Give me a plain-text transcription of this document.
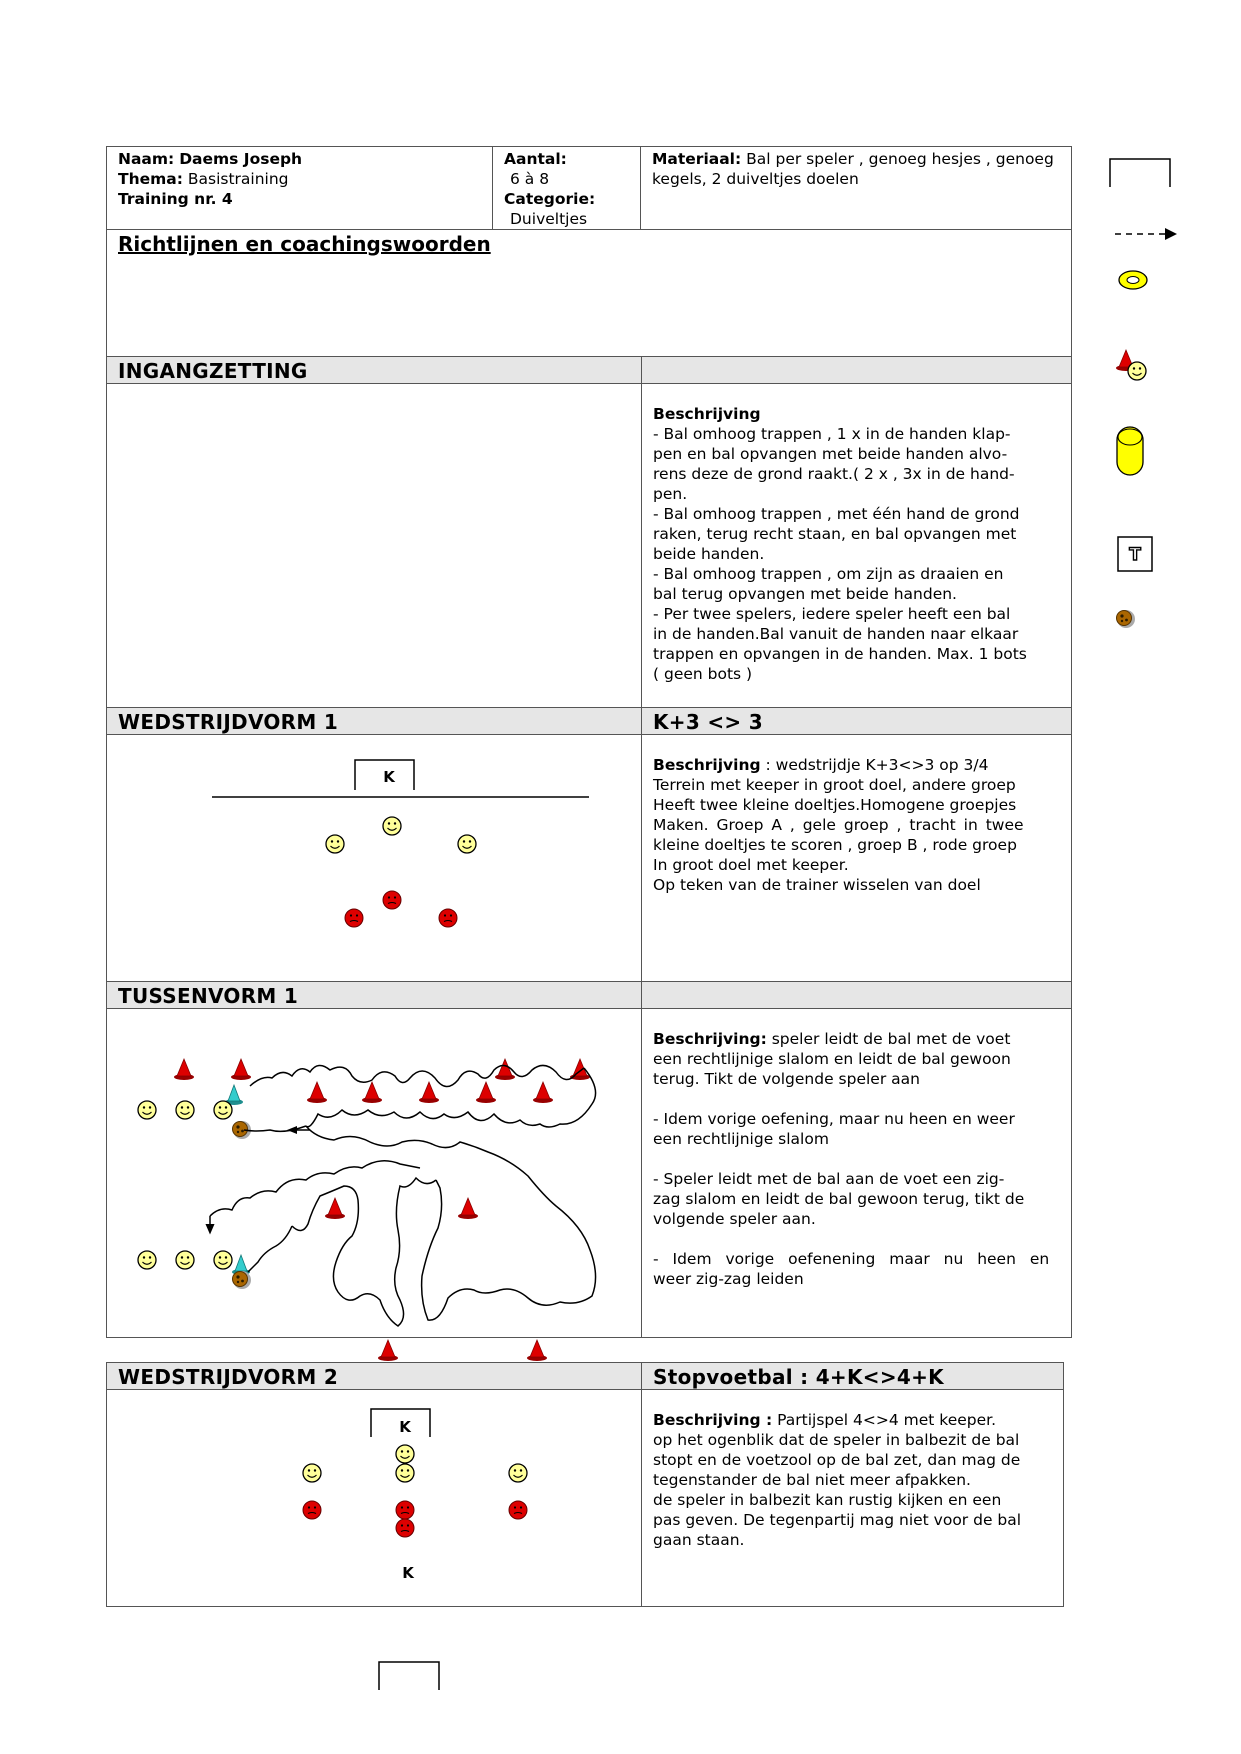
Naam: Daems Joseph
Thema: Basistraining
Training nr. 4
Aantal:
6 à 8
Categorie:
Duiveltjes
Materiaal: Bal per speler , genoeg hesjes , genoeg kegels, 2 duiveltjes doelen
Richtlijnen en coachingswoorden
INGANGZETTING
Beschrijving
- Bal omhoog trappen , 1 x in de handen klap-
pen en bal opvangen met beide handen alvo-
rens deze de grond raakt.( 2 x , 3x in de hand-
pen.
- Bal omhoog trappen , met één hand de grond
raken, terug recht staan, en bal opvangen met
beide handen.
- Bal omhoog trappen , om zijn as draaien en
bal terug opvangen met beide handen.
- Per twee spelers, iedere speler heeft een bal
in de handen.Bal vanuit de handen naar elkaar
trappen en opvangen in de handen. Max. 1 bots
( geen bots )
WEDSTRIJDVORM 1	K+3 <> 3
Beschrijving : wedstrijdje K+3<>3 op 3/4
Terrein met keeper in groot doel, andere groep
Heeft twee kleine doeltjes.Homogene groepjes
Maken. Groep A , gele groep , tracht in twee
kleine doeltjes te scoren , groep B , rode groep
In groot doel met keeper.
Op teken van de trainer wisselen van doel
TUSSENVORM 1
Beschrijving: speler leidt de bal met de voet
een rechtlijnige slalom en leidt de bal gewoon
terug. Tikt de volgende speler aan
- Idem vorige oefening, maar nu heen en weer
een rechtlijnige slalom
- Speler leidt met de bal aan de voet een zig-
zag slalom en leidt de bal gewoon terug, tikt de
volgende speler aan.
- Idem vorige oefenening maar nu heen en
weer zig-zag leiden
WEDSTRIJDVORM 2	Stopvoetbal : 4+K<>4+K
Beschrijving : Partijspel 4<>4 met keeper.
op het ogenblik dat de speler in balbezit de bal
stopt en de voetzool op de bal zet, dan mag de
tegenstander de bal niet meer afpakken.
de speler in balbezit kan rustig kijken en een
pas geven. De tegenpartij mag niet voor de bal
gaan staan.
T
K
K
K
